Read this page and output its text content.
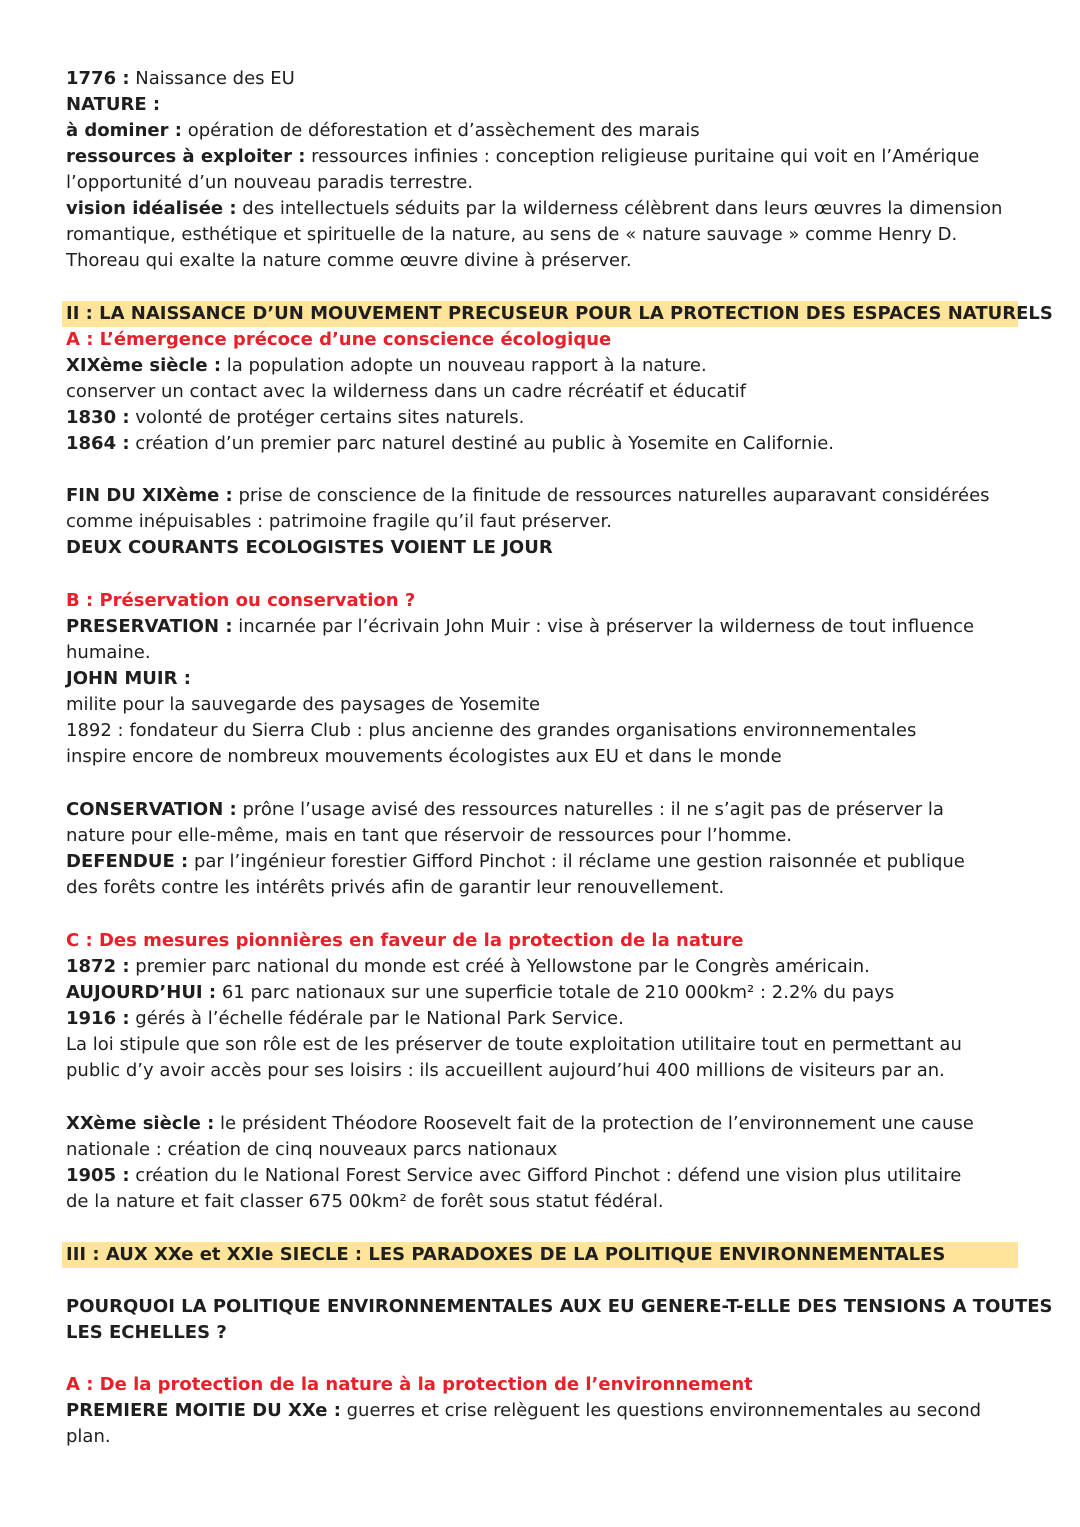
1776 : Naissance des EU
NATURE :
à dominer : opération de déforestation et d’assèchement des marais
ressources à exploiter : ressources infinies : conception religieuse puritaine qui voit en l’Amérique
l’opportunité d’un nouveau paradis terrestre.
vision idéalisée : des intellectuels séduits par la wilderness célèbrent dans leurs œuvres la dimension
romantique, esthétique et spirituelle de la nature, au sens de « nature sauvage » comme Henry D.
Thoreau qui exalte la nature comme œuvre divine à préserver.
II : LA NAISSANCE D’UN MOUVEMENT PRECUSEUR POUR LA PROTECTION DES ESPACES NATURELS
A : L’émergence précoce d’une conscience écologique
XIXème siècle : la population adopte un nouveau rapport à la nature.
conserver un contact avec la wilderness dans un cadre récréatif et éducatif
1830 : volonté de protéger certains sites naturels.
1864 : création d’un premier parc naturel destiné au public à Yosemite en Californie.
FIN DU XIXème : prise de conscience de la finitude de ressources naturelles auparavant considérées
comme inépuisables : patrimoine fragile qu’il faut préserver.
DEUX COURANTS ECOLOGISTES VOIENT LE JOUR
B : Préservation ou conservation ?
PRESERVATION : incarnée par l’écrivain John Muir : vise à préserver la wilderness de tout influence
humaine.
JOHN MUIR :
milite pour la sauvegarde des paysages de Yosemite
1892 : fondateur du Sierra Club : plus ancienne des grandes organisations environnementales
inspire encore de nombreux mouvements écologistes aux EU et dans le monde
CONSERVATION : prône l’usage avisé des ressources naturelles : il ne s’agit pas de préserver la
nature pour elle-même, mais en tant que réservoir de ressources pour l’homme.
DEFENDUE : par l’ingénieur forestier Gifford Pinchot : il réclame une gestion raisonnée et publique
des forêts contre les intérêts privés afin de garantir leur renouvellement.
C : Des mesures pionnières en faveur de la protection de la nature
1872 : premier parc national du monde est créé à Yellowstone par le Congrès américain.
AUJOURD’HUI : 61 parc nationaux sur une superficie totale de 210 000km² : 2.2% du pays
1916 : gérés à l’échelle fédérale par le National Park Service.
La loi stipule que son rôle est de les préserver de toute exploitation utilitaire tout en permettant au
public d’y avoir accès pour ses loisirs : ils accueillent aujourd’hui 400 millions de visiteurs par an.
XXème siècle : le président Théodore Roosevelt fait de la protection de l’environnement une cause
nationale : création de cinq nouveaux parcs nationaux
1905 : création du le National Forest Service avec Gifford Pinchot : défend une vision plus utilitaire
de la nature et fait classer 675 00km² de forêt sous statut fédéral.
III : AUX XXe et XXIe SIECLE : LES PARADOXES DE LA POLITIQUE ENVIRONNEMENTALES
POURQUOI LA POLITIQUE ENVIRONNEMENTALES AUX EU GENERE-T-ELLE DES TENSIONS A TOUTES
LES ECHELLES ?
A : De la protection de la nature à la protection de l’environnement
PREMIERE MOITIE DU XXe : guerres et crise relèguent les questions environnementales au second
plan.
